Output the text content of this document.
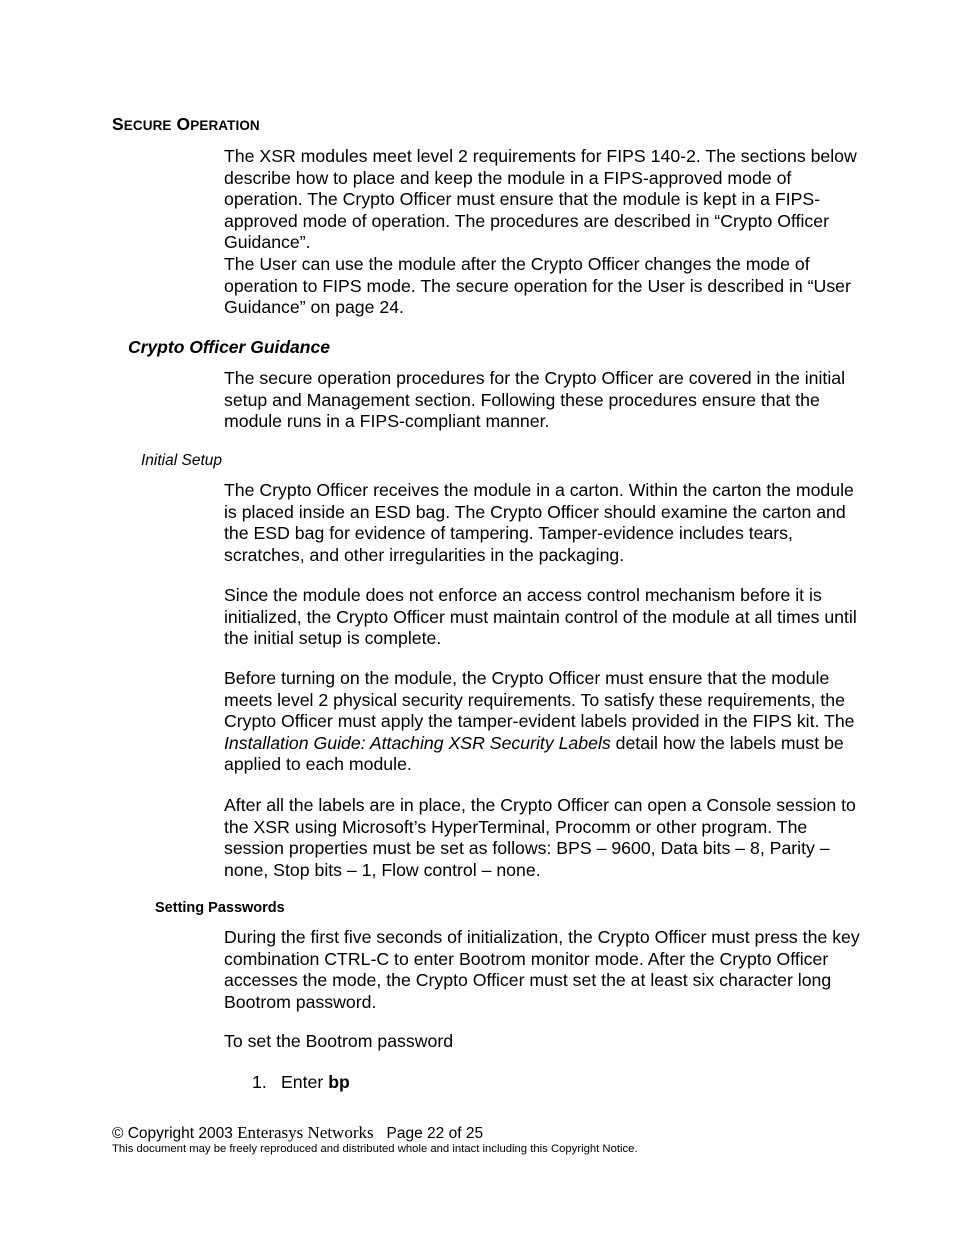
SECURE OPERATION

The XSR modules meet level 2 requirements for FIPS 140-2. The sections below describe how to place and keep the module in a FIPS-approved mode of operation. The Crypto Officer must ensure that the module is kept in a FIPS-approved mode of operation. The procedures are described in “Crypto Officer Guidance”.

The User can use the module after the Crypto Officer changes the mode of operation to FIPS mode. The secure operation for the User is described in “User Guidance” on page 24.

Crypto Officer Guidance

The secure operation procedures for the Crypto Officer are covered in the initial setup and Management section. Following these procedures ensure that the module runs in a FIPS-compliant manner.

Initial Setup

The Crypto Officer receives the module in a carton. Within the carton the module is placed inside an ESD bag. The Crypto Officer should examine the carton and the ESD bag for evidence of tampering. Tamper-evidence includes tears, scratches, and other irregularities in the packaging.

Since the module does not enforce an access control mechanism before it is initialized, the Crypto Officer must maintain control of the module at all times until the initial setup is complete.

Before turning on the module, the Crypto Officer must ensure that the module meets level 2 physical security requirements. To satisfy these requirements, the Crypto Officer must apply the tamper-evident labels provided in the FIPS kit. The Installation Guide: Attaching XSR Security Labels detail how the labels must be applied to each module.

After all the labels are in place, the Crypto Officer can open a Console session to the XSR using Microsoft’s HyperTerminal, Procomm or other program. The session properties must be set as follows: BPS – 9600, Data bits – 8, Parity – none, Stop bits – 1, Flow control – none.

Setting Passwords

During the first five seconds of initialization, the Crypto Officer must press the key combination CTRL-C to enter Bootrom monitor mode. After the Crypto Officer accesses the mode, the Crypto Officer must set the at least six character long Bootrom password.

To set the Bootrom password

1. Enter bp
© Copyright 2003 Enterasys Networks Page 22 of 25
This document may be freely reproduced and distributed whole and intact including this Copyright Notice.
